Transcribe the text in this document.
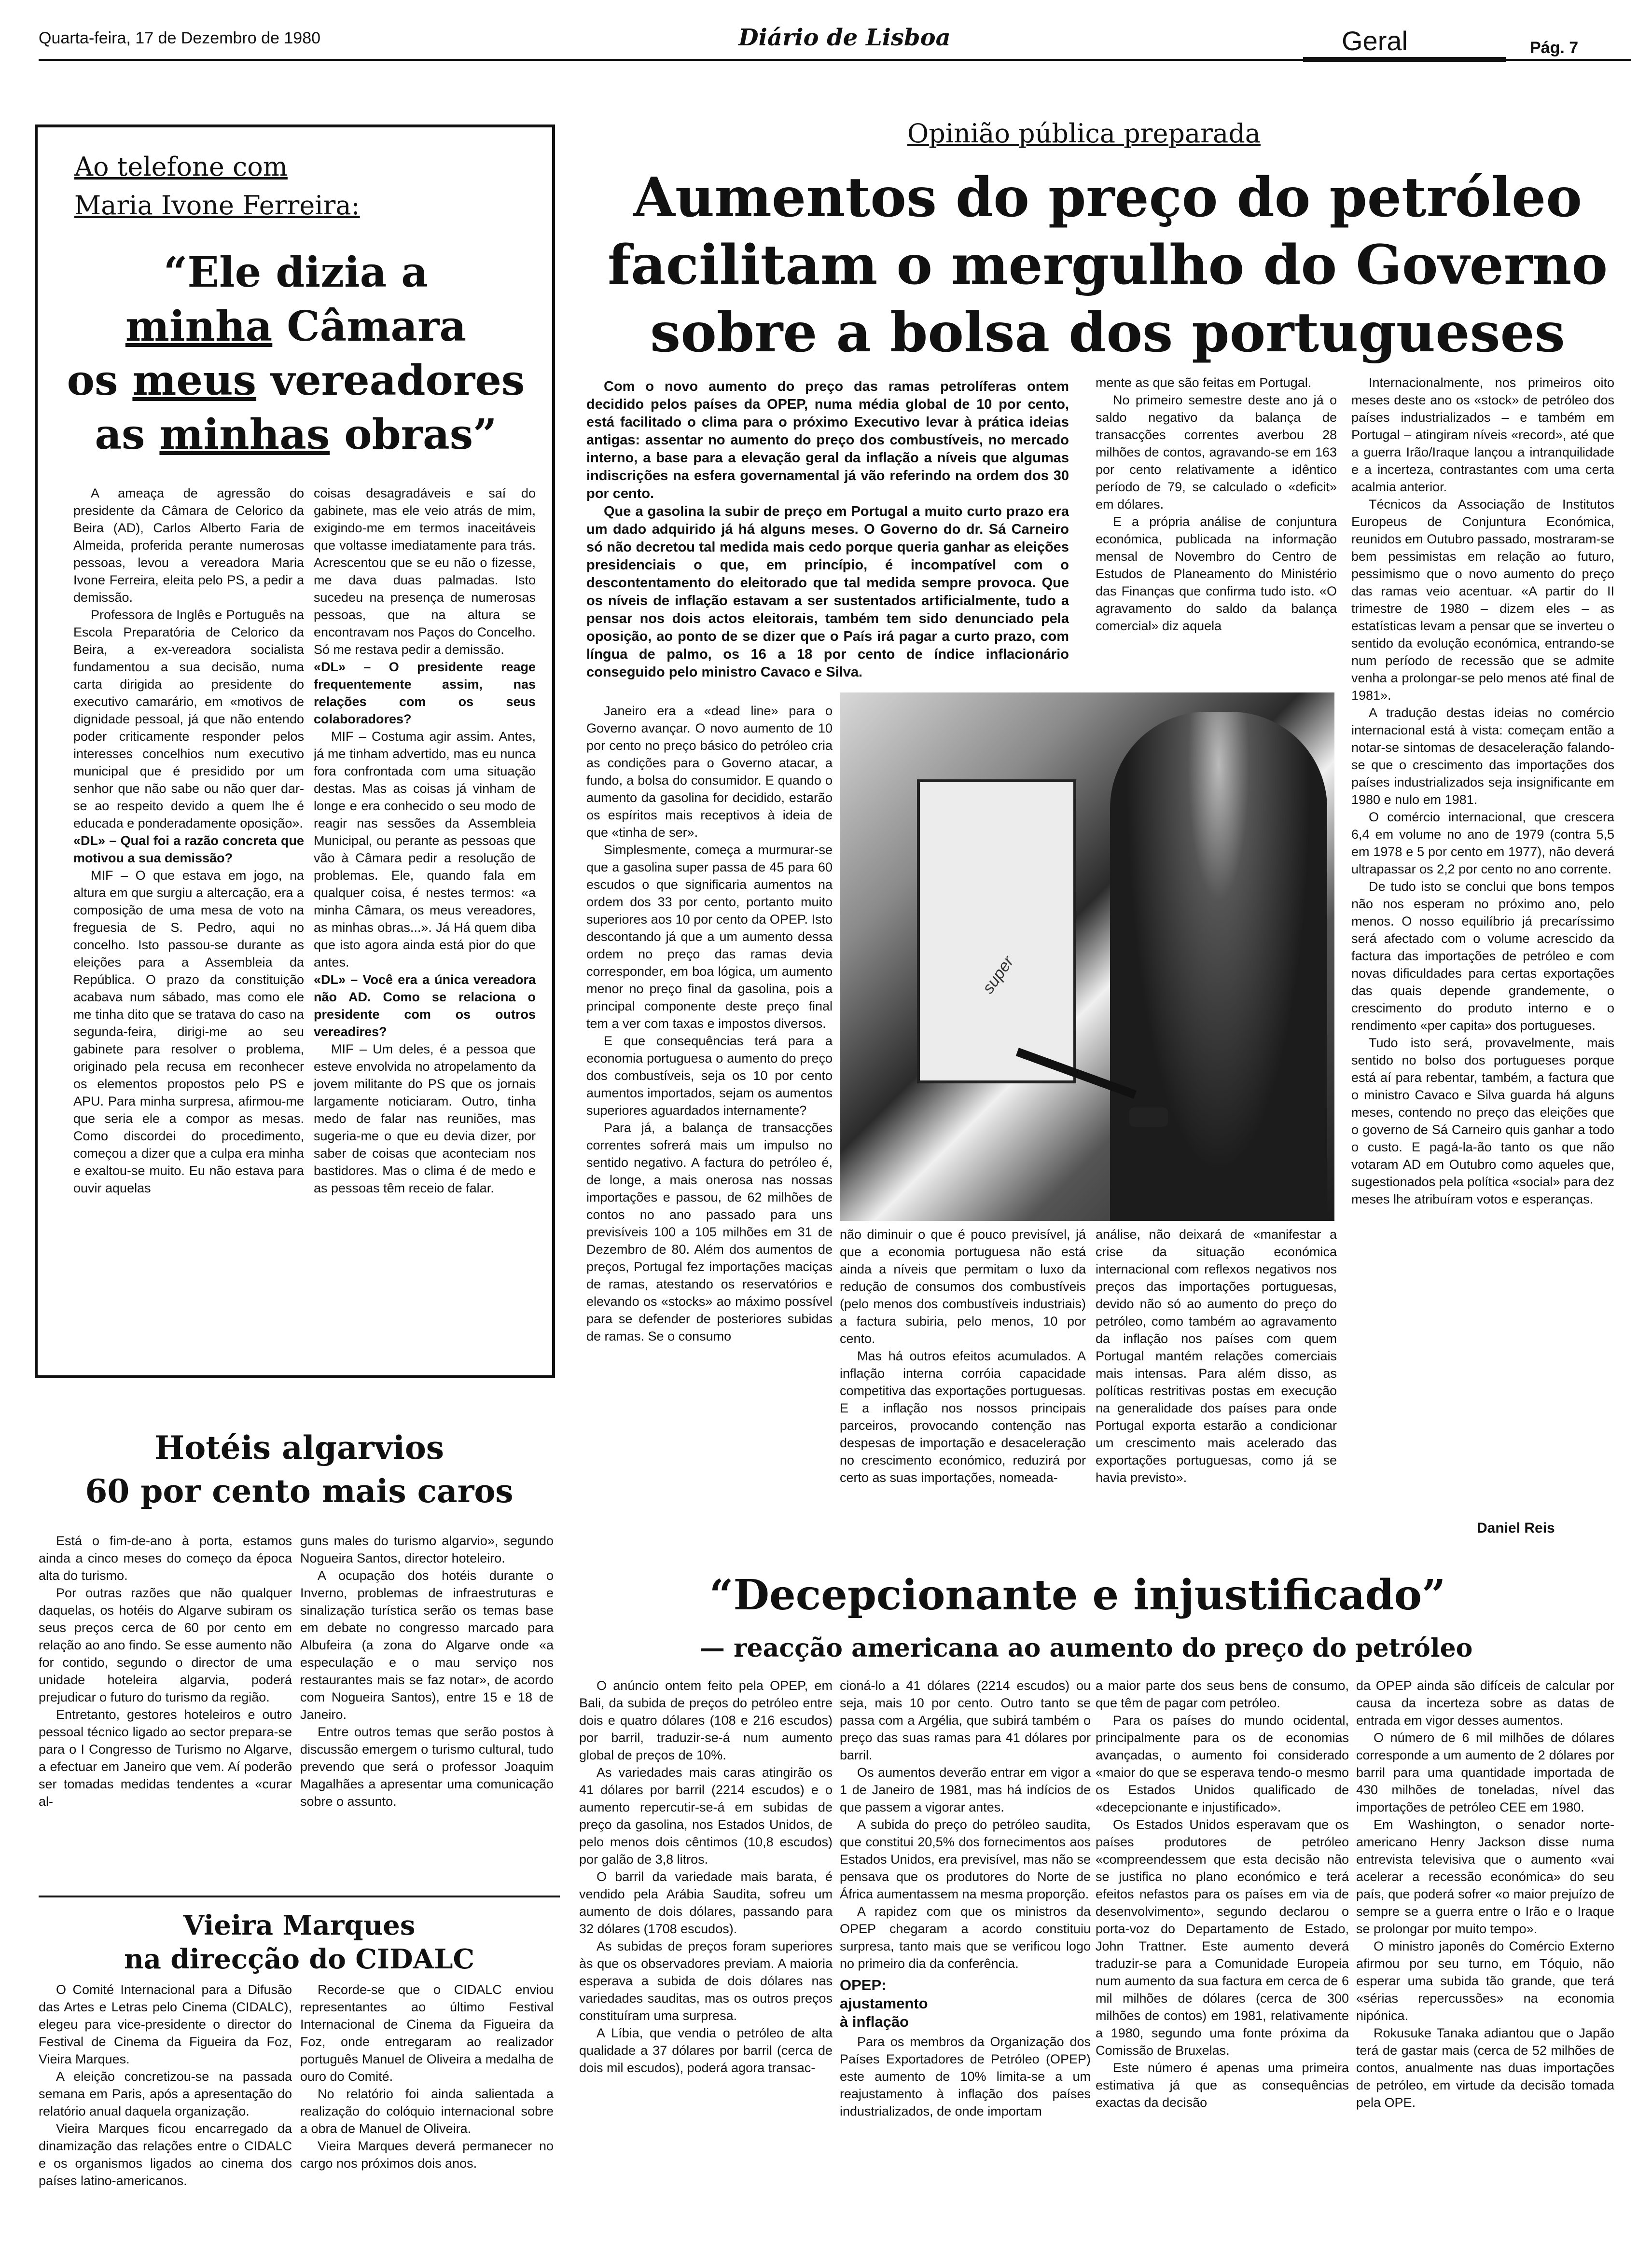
Quarta-feira, 17 de Dezembro de 1980	Diário de Lisboa	Geral	Pág. 7
Ao telefone com
Maria Ivone Ferreira:
“Ele dizia a
minha Câmara
os meus vereadores
as minhas obras”

A ameaça de agressão do presidente da Câmara de Celorico da Beira (AD), Carlos Alberto Faria de Almeida, proferida perante numerosas pessoas, levou a vereadora Maria Ivone Ferreira, eleita pelo PS, a pedir a demissão.

Professora de Inglês e Português na Escola Preparatória de Celorico da Beira, a ex-vereadora socialista fundamentou a sua decisão, numa carta dirigida ao presidente do executivo camarário, em «motivos de dignidade pessoal, já que não entendo poder criticamente responder pelos interesses concelhios num executivo municipal que é presidido por um senhor que não sabe ou não quer dar-se ao respeito devido a quem lhe é educada e ponderadamente oposição».

«DL» – Qual foi a razão concreta que motivou a sua demissão?

MIF – O que estava em jogo, na altura em que surgiu a altercação, era a composição de uma mesa de voto na freguesia de S. Pedro, aqui no concelho. Isto passou-se durante as eleições para a Assembleia da República. O prazo da constituição acabava num sábado, mas como ele me tinha dito que se tratava do caso na segunda-feira, dirigi-me ao seu gabinete para resolver o problema, originado pela recusa em reconhecer os elementos propostos pelo PS e APU. Para minha surpresa, afirmou-me que seria ele a compor as mesas. Como discordei do procedimento, começou a dizer que a culpa era minha e exaltou-se muito. Eu não estava para ouvir aquelas

coisas desagradáveis e saí do gabinete, mas ele veio atrás de mim, exigindo-me em termos inaceitáveis que voltasse imediatamente para trás. Acrescentou que se eu não o fizesse, me dava duas palmadas. Isto sucedeu na presença de numerosas pessoas, que na altura se encontravam nos Paços do Concelho. Só me restava pedir a demissão.

«DL» – O presidente reage frequentemente assim, nas relações com os seus colaboradores?

MIF – Costuma agir assim. Antes, já me tinham advertido, mas eu nunca fora confrontada com uma situação destas. Mas as coisas já vinham de longe e era conhecido o seu modo de reagir nas sessões da Assembleia Municipal, ou perante as pessoas que vão à Câmara pedir a resolução de problemas. Ele, quando fala em qualquer coisa, é nestes termos: «a minha Câmara, os meus vereadores, as minhas obras...». Já Há quem diba que isto agora ainda está pior do que antes.

«DL» – Você era a única vereadora não AD. Como se relaciona o presidente com os outros vereadires?

MIF – Um deles, é a pessoa que esteve envolvida no atropelamento da jovem militante do PS que os jornais largamente noticiaram. Outro, tinha medo de falar nas reuniões, mas sugeria-me o que eu devia dizer, por saber de coisas que aconteciam nos bastidores. Mas o clima é de medo e as pessoas têm receio de falar.

Hotéis algarvios
60 por cento mais caros

Está o fim-de-ano à porta, estamos ainda a cinco meses do começo da época alta do turismo.

Por outras razões que não qualquer daquelas, os hotéis do Algarve subiram os seus preços cerca de 60 por cento em relação ao ano findo. Se esse aumento não for contido, segundo o director de uma unidade hoteleira algarvia, poderá prejudicar o futuro do turismo da região.

Entretanto, gestores hoteleiros e outro pessoal técnico ligado ao sector prepara-se para o I Congresso de Turismo no Algarve, a efectuar em Janeiro que vem. Aí poderão ser tomadas medidas tendentes a «curar al-

guns males do turismo algarvio», segundo Nogueira Santos, director hoteleiro.

A ocupação dos hotéis durante o Inverno, problemas de infraestruturas e sinalização turística serão os temas base em debate no congresso marcado para Albufeira (a zona do Algarve onde «a especulação e o mau serviço nos restaurantes mais se faz notar», de acordo com Nogueira Santos), entre 15 e 18 de Janeiro.

Entre outros temas que serão postos à discussão emergem o turismo cultural, tudo prevendo que será o professor Joaquim Magalhães a apresentar uma comunicação sobre o assunto.

Vieira Marques
na direcção do CIDALC

O Comité Internacional para a Difusão das Artes e Letras pelo Cinema (CIDALC), elegeu para vice-presidente o director do Festival de Cinema da Figueira da Foz, Vieira Marques.

A eleição concretizou-se na passada semana em Paris, após a apresentação do relatório anual daquela organização.

Vieira Marques ficou encarregado da dinamização das relações entre o CIDALC e os organismos ligados ao cinema dos países latino-americanos.

Recorde-se que o CIDALC enviou representantes ao último Festival Internacional de Cinema da Figueira da Foz, onde entregaram ao realizador português Manuel de Oliveira a medalha de ouro do Comité.

No relatório foi ainda salientada a realização do colóquio internacional sobre a obra de Manuel de Oliveira.

Vieira Marques deverá permanecer no cargo nos próximos dois anos.

Opinião pública preparada
Aumentos do preço do petróleo
facilitam o mergulho do Governo
sobre a bolsa dos portugueses

Com o novo aumento do preço das ramas petrolíferas ontem decidido pelos países da OPEP, numa média global de 10 por cento, está facilitado o clima para o próximo Executivo levar à prática ideias antigas: assentar no aumento do preço dos combustíveis, no mercado interno, a base para a elevação geral da inflação a níveis que algumas indiscrições na esfera governamental já vão referindo na ordem dos 30 por cento.

Que a gasolina la subir de preço em Portugal a muito curto prazo era um dado adquirido já há alguns meses. O Governo do dr. Sá Carneiro só não decretou tal medida mais cedo porque queria ganhar as eleições presidenciais o que, em princípio, é incompatível com o descontentamento do eleitorado que tal medida sempre provoca. Que os níveis de inflação estavam a ser sustentados artificialmente, tudo a pensar nos dois actos eleitorais, também tem sido denunciado pela oposição, ao ponto de se dizer que o País irá pagar a curto prazo, com língua de palmo, os 16 a 18 por cento de índice inflacionário conseguido pelo ministro Cavaco e Silva.

Janeiro era a «dead line» para o Governo avançar. O novo aumento de 10 por cento no preço básico do petróleo cria as condições para o Governo atacar, a fundo, a bolsa do consumidor. E quando o aumento da gasolina for decidido, estarão os espíritos mais receptivos à ideia de que «tinha de ser».

Simplesmente, começa a murmurar-se que a gasolina super passa de 45 para 60 escudos o que significaria aumentos na ordem dos 33 por cento, portanto muito superiores aos 10 por cento da OPEP. Isto descontando já que a um aumento dessa ordem no preço das ramas devia corresponder, em boa lógica, um aumento menor no preço final da gasolina, pois a principal componente deste preço final tem a ver com taxas e impostos diversos.

E que consequências terá para a economia portuguesa o aumento do preço dos combustíveis, seja os 10 por cento aumentos importados, sejam os aumentos superiores aguardados internamente?

Para já, a balança de transacções correntes sofrerá mais um impulso no sentido negativo. A factura do petróleo é, de longe, a mais onerosa nas nossas importações e passou, de 62 milhões de contos no ano passado para uns previsíveis 100 a 105 milhões em 31 de Dezembro de 80. Além dos aumentos de preços, Portugal fez importações maciças de ramas, atestando os reservatórios e elevando os «stocks» ao máximo possível para se defender de posteriores subidas de ramas. Se o consumo

mente as que são feitas em Portugal.

No primeiro semestre deste ano já o saldo negativo da balança de transacções correntes averbou 28 milhões de contos, agravando-se em 163 por cento relativamente a idêntico período de 79, se calculado o «deficit» em dólares.

E a própria análise de conjuntura económica, publicada na informação mensal de Novembro do Centro de Estudos de Planeamento do Ministério das Finanças que confirma tudo isto. «O agravamento do saldo da balança comercial» diz aquela

super

não diminuir o que é pouco previsível, já que a economia portuguesa não está ainda a níveis que permitam o luxo da redução de consumos dos combustíveis (pelo menos dos combustíveis industriais) a factura subiria, pelo menos, 10 por cento.

Mas há outros efeitos acumulados. A inflação interna corróia capacidade competitiva das exportações portuguesas. E a inflação nos nossos principais parceiros, provocando contenção nas despesas de importação e desaceleração no crescimento económico, reduzirá por certo as suas importações, nomeada-

análise, não deixará de «manifestar a crise da situação económica internacional com reflexos negativos nos preços das importações portuguesas, devido não só ao aumento do preço do petróleo, como também ao agravamento da inflação nos países com quem Portugal mantém relações comerciais mais intensas. Para além disso, as políticas restritivas postas em execução na generalidade dos países para onde Portugal exporta estarão a condicionar um crescimento mais acelerado das exportações portuguesas, como já se havia previsto».

Internacionalmente, nos primeiros oito meses deste ano os «stock» de petróleo dos países industrializados – e também em Portugal – atingiram níveis «record», até que a guerra Irão/Iraque lançou a intranquilidade e a incerteza, contrastantes com uma certa acalmia anterior.

Técnicos da Associação de Institutos Europeus de Conjuntura Económica, reunidos em Outubro passado, mostraram-se bem pessimistas em relação ao futuro, pessimismo que o novo aumento do preço das ramas veio acentuar. «A partir do II trimestre de 1980 – dizem eles – as estatísticas levam a pensar que se inverteu o sentido da evolução económica, entrando-se num período de recessão que se admite venha a prolongar-se pelo menos até final de 1981».

A tradução destas ideias no comércio internacional está à vista: começam então a notar-se sintomas de desaceleração falando-se que o crescimento das importações dos países industrializados seja insignificante em 1980 e nulo em 1981.

O comércio internacional, que crescera 6,4 em volume no ano de 1979 (contra 5,5 em 1978 e 5 por cento em 1977), não deverá ultrapassar os 2,2 por cento no ano corrente.

De tudo isto se conclui que bons tempos não nos esperam no próximo ano, pelo menos. O nosso equilíbrio já precaríssimo será afectado com o volume acrescido da factura das importações de petróleo e com novas dificuldades para certas exportações das quais depende grandemente, o crescimento do produto interno e o rendimento «per capita» dos portugueses.

Tudo isto será, provavelmente, mais sentido no bolso dos portugueses porque está aí para rebentar, também, a factura que o ministro Cavaco e Silva guarda há alguns meses, contendo no preço das eleições que o governo de Sá Carneiro quis ganhar a todo o custo. E pagá-la-ão tanto os que não votaram AD em Outubro como aqueles que, sugestionados pela política «social» para dez meses lhe atribuíram votos e esperanças.

Daniel Reis
“Decepcionante e injustificado”
— reacção americana ao aumento do preço do petróleo

O anúncio ontem feito pela OPEP, em Bali, da subida de preços do petróleo entre dois e quatro dólares (108 e 216 escudos) por barril, traduzir-se-á num aumento global de preços de 10%.

As variedades mais caras atingirão os 41 dólares por barril (2214 escudos) e o aumento repercutir-se-á em subidas de preço da gasolina, nos Estados Unidos, de pelo menos dois cêntimos (10,8 escudos) por galão de 3,8 litros.

O barril da variedade mais barata, é vendido pela Arábia Saudita, sofreu um aumento de dois dólares, passando para 32 dólares (1708 escudos).

As subidas de preços foram superiores às que os observadores previam. A maioria esperava a subida de dois dólares nas variedades sauditas, mas os outros preços constituíram uma surpresa.

A Líbia, que vendia o petróleo de alta qualidade a 37 dólares por barril (cerca de dois mil escudos), poderá agora transac-

cioná-lo a 41 dólares (2214 escudos) ou seja, mais 10 por cento. Outro tanto se passa com a Argélia, que subirá também o preço das suas ramas para 41 dólares por barril.

Os aumentos deverão entrar em vigor a 1 de Janeiro de 1981, mas há indícios de que passem a vigorar antes.

A subida do preço do petróleo saudita, que constitui 20,5% dos fornecimentos aos Estados Unidos, era previsível, mas não se pensava que os produtores do Norte de África aumentassem na mesma proporção.

A rapidez com que os ministros da OPEP chegaram a acordo constituiu surpresa, tanto mais que se verificou logo no primeiro dia da conferência.

OPEP:
ajustamento
à inflação

Para os membros da Organização dos Países Exportadores de Petróleo (OPEP) este aumento de 10% limita-se a um reajustamento à inflação dos países industrializados, de onde importam

a maior parte dos seus bens de consumo, que têm de pagar com petróleo.

Para os países do mundo ocidental, principalmente para os de economias avançadas, o aumento foi considerado «maior do que se esperava tendo-o mesmo os Estados Unidos qualificado de «decepcionante e injustificado».

Os Estados Unidos esperavam que os países produtores de petróleo «compreendessem que esta decisão não se justifica no plano económico e terá efeitos nefastos para os países em via de desenvolvimento», segundo declarou o porta-voz do Departamento de Estado, John Trattner. Este aumento deverá traduzir-se para a Comunidade Europeia num aumento da sua factura em cerca de 6 mil milhões de dólares (cerca de 300 milhões de contos) em 1981, relativamente a 1980, segundo uma fonte próxima da Comissão de Bruxelas.

Este número é apenas uma primeira estimativa já que as consequências exactas da decisão

da OPEP ainda são difíceis de calcular por causa da incerteza sobre as datas de entrada em vigor desses aumentos.

O número de 6 mil milhões de dólares corresponde a um aumento de 2 dólares por barril para uma quantidade importada de 430 milhões de toneladas, nível das importações de petróleo CEE em 1980.

Em Washington, o senador norte-americano Henry Jackson disse numa entrevista televisiva que o aumento «vai acelerar a recessão económica» do seu país, que poderá sofrer «o maior prejuízo de sempre se a guerra entre o Irão e o Iraque se prolongar por muito tempo».

O ministro japonês do Comércio Externo afirmou por seu turno, em Tóquio, não esperar uma subida tão grande, que terá «sérias repercussões» na economia nipónica.

Rokusuke Tanaka adiantou que o Japão terá de gastar mais (cerca de 52 milhões de contos, anualmente nas duas importações de petróleo, em virtude da decisão tomada pela OPE.
